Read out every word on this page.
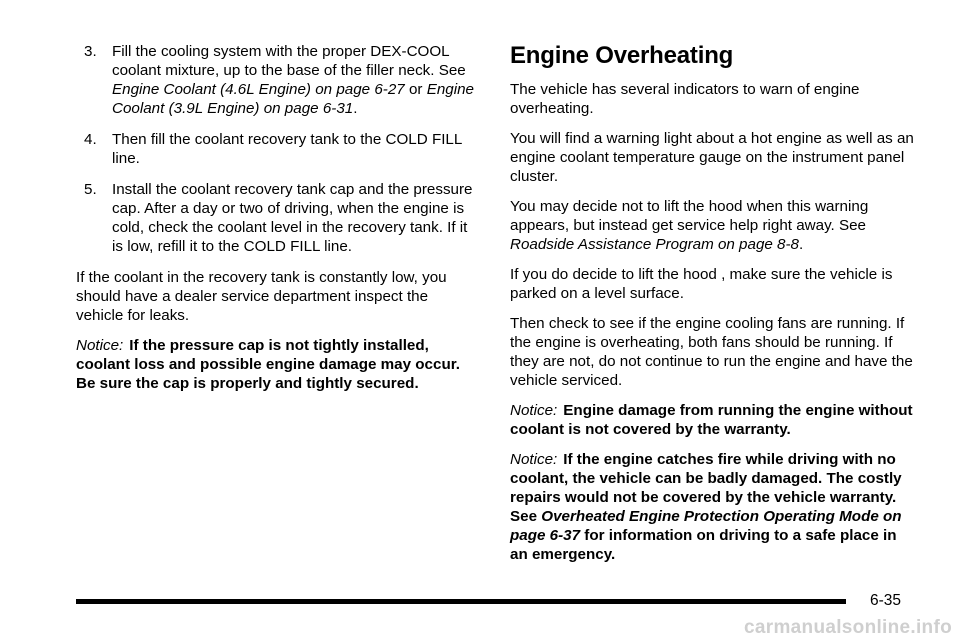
3. Fill the cooling system with the proper DEX-COOL coolant mixture, up to the base of the filler neck. See Engine Coolant (4.6L Engine) on page 6-27 or Engine Coolant (3.9L Engine) on page 6-31.
4. Then fill the coolant recovery tank to the COLD FILL line.
5. Install the coolant recovery tank cap and the pressure cap. After a day or two of driving, when the engine is cold, check the coolant level in the recovery tank. If it is low, refill it to the COLD FILL line.

If the coolant in the recovery tank is constantly low, you should have a dealer service department inspect the vehicle for leaks.

Notice: If the pressure cap is not tightly installed, coolant loss and possible engine damage may occur. Be sure the cap is properly and tightly secured.

Engine Overheating

The vehicle has several indicators to warn of engine overheating.

You will find a warning light about a hot engine as well as an engine coolant temperature gauge on the instrument panel cluster.

You may decide not to lift the hood when this warning appears, but instead get service help right away. See Roadside Assistance Program on page 8-8.

If you do decide to lift the hood , make sure the vehicle is parked on a level surface.

Then check to see if the engine cooling fans are running. If the engine is overheating, both fans should be running. If they are not, do not continue to run the engine and have the vehicle serviced.

Notice: Engine damage from running the engine without coolant is not covered by the warranty.

Notice: If the engine catches fire while driving with no coolant, the vehicle can be badly damaged. The costly repairs would not be covered by the vehicle warranty. See Overheated Engine Protection Operating Mode on page 6-37 for information on driving to a safe place in an emergency.

6-35
carmanualsonline.info
